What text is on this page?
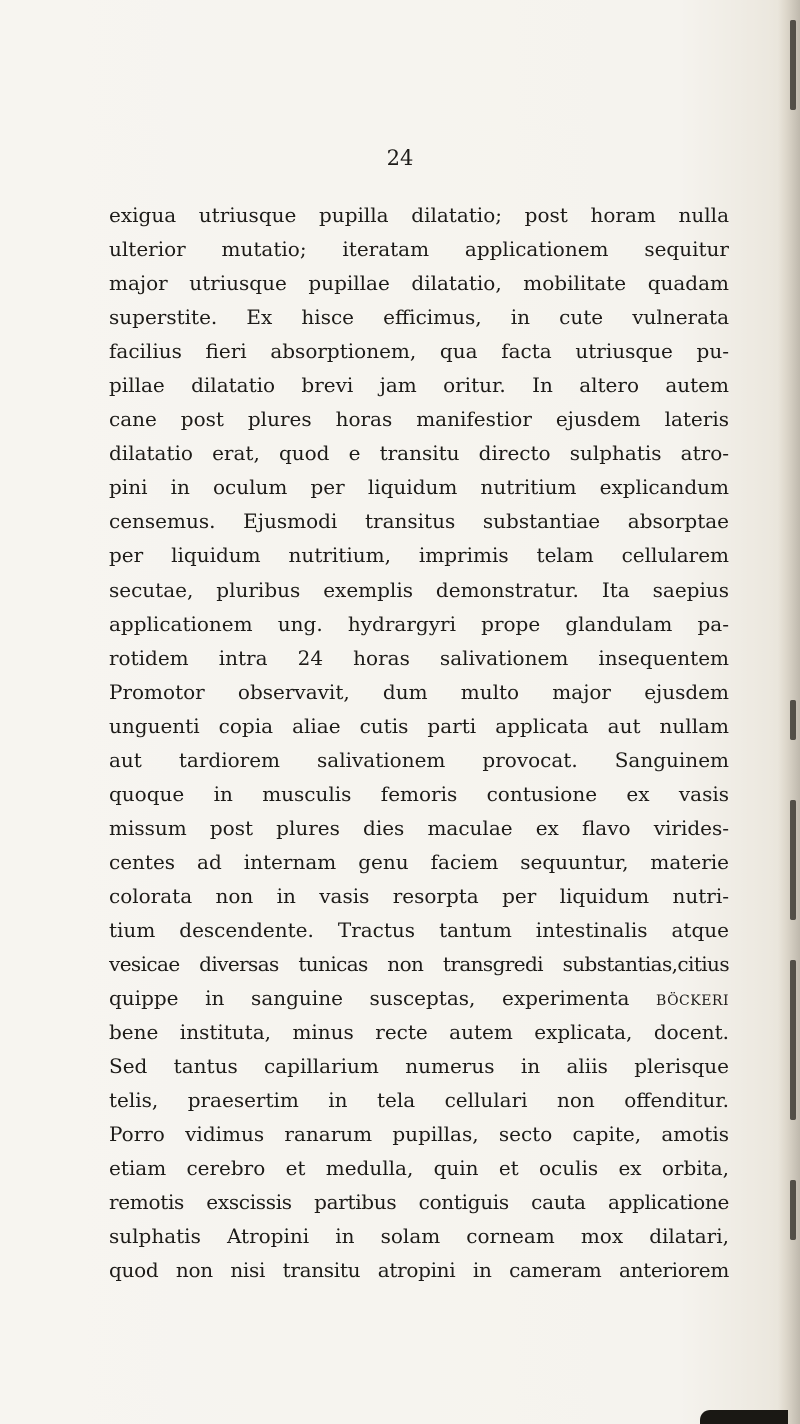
24
exigua utriusque pupilla dilatatio; post horam nulla
ulterior mutatio; iteratam applicationem sequitur
major utriusque pupillae dilatatio, mobilitate quadam
superstite. Ex hisce efficimus, in cute vulnerata
facilius fieri absorptionem, qua facta utriusque pu-
pillae dilatatio brevi jam oritur. In altero autem
cane post plures horas manifestior ejusdem lateris
dilatatio erat, quod e transitu directo sulphatis atro-
pini in oculum per liquidum nutritium explicandum
censemus. Ejusmodi transitus substantiae absorptae
per liquidum nutritium, imprimis telam cellularem
secutae, pluribus exemplis demonstratur. Ita saepius
applicationem ung. hydrargyri prope glandulam pa-
rotidem intra 24 horas salivationem insequentem
Promotor observavit, dum multo major ejusdem
unguenti copia aliae cutis parti applicata aut nullam
aut tardiorem salivationem provocat. Sanguinem
quoque in musculis femoris contusione ex vasis
missum post plures dies maculae ex flavo virides-
centes ad internam genu faciem sequuntur, materie
colorata non in vasis resorpta per liquidum nutri-
tium descendente. Tractus tantum intestinalis atque
vesicae diversas tunicas non transgredi substantias,citius
quippe in sanguine susceptas, experimenta böckeri
bene instituta, minus recte autem explicata, docent.
Sed tantus capillarium numerus in aliis plerisque
telis, praesertim in tela cellulari non offenditur.
Porro vidimus ranarum pupillas, secto capite, amotis
etiam cerebro et medulla, quin et oculis ex orbita,
remotis exscissis partibus contiguis cauta applicatione
sulphatis Atropini in solam corneam mox dilatari,
quod non nisi transitu atropini in cameram anteriorem
